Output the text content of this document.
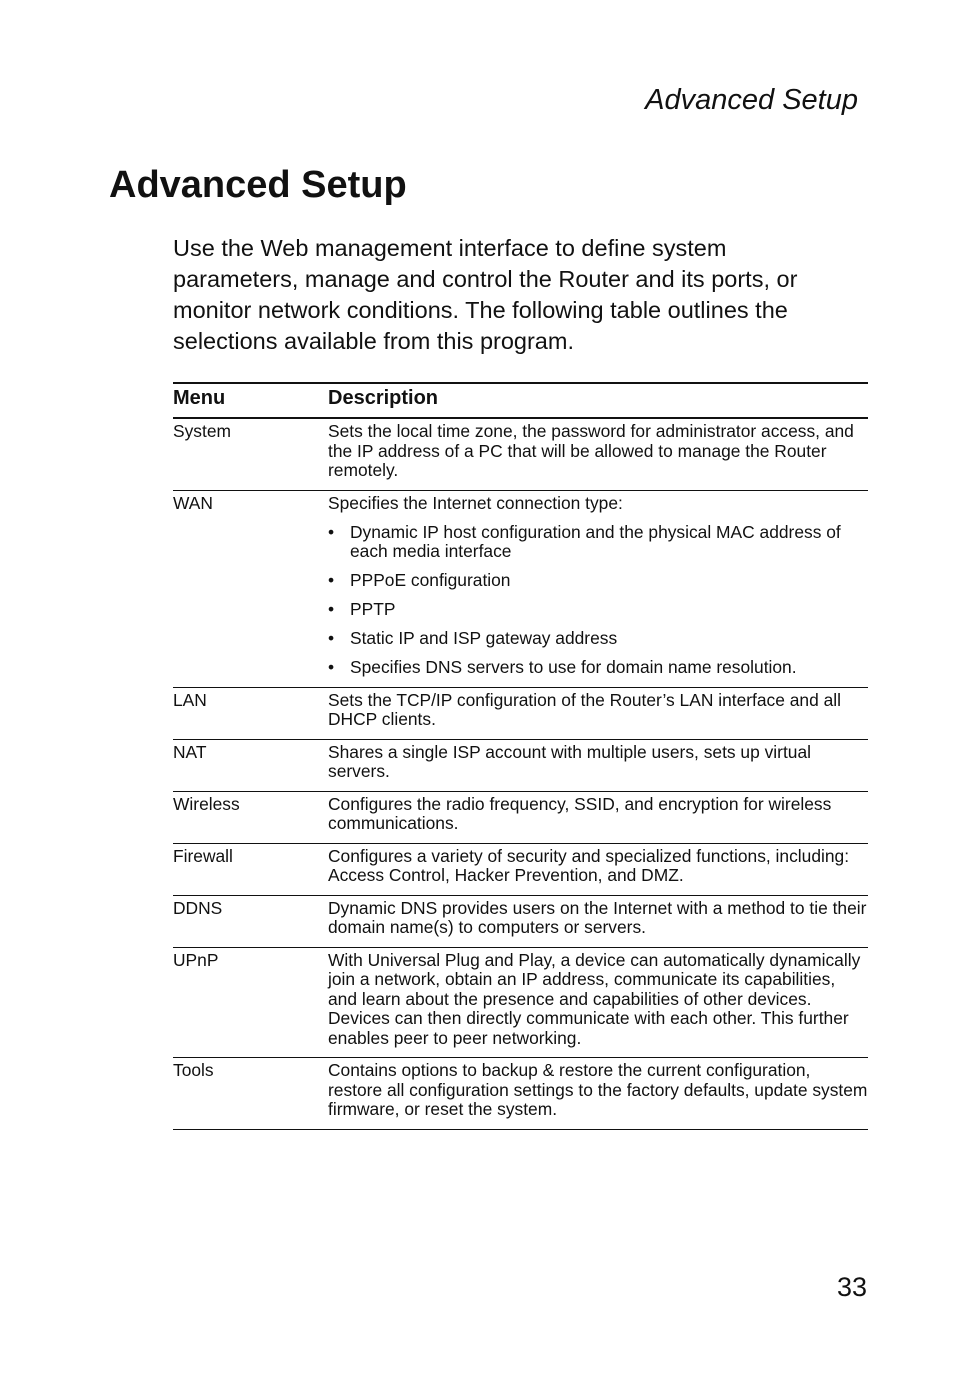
Advanced Setup

Advanced Setup

Use the Web management interface to define system parameters, manage and control the Router and its ports, or monitor network conditions. The following table outlines the selections available from this program.

Menu	Description
System	Sets the local time zone, the password for administrator access, and the IP address of a PC that will be allowed to manage the Router remotely.
WAN	Specifies the Internet connection type:
• Dynamic IP host configuration and the physical MAC address of each media interface
• PPPoE configuration
• PPTP
• Static IP and ISP gateway address
• Specifies DNS servers to use for domain name resolution.
LAN	Sets the TCP/IP configuration of the Router’s LAN interface and all DHCP clients.
NAT	Shares a single ISP account with multiple users, sets up virtual servers.
Wireless	Configures the radio frequency, SSID, and encryption for wireless communications.
Firewall	Configures a variety of security and specialized functions, including: Access Control, Hacker Prevention, and DMZ.
DDNS	Dynamic DNS provides users on the Internet with a method to tie their domain name(s) to computers or servers.
UPnP	With Universal Plug and Play, a device can automatically dynamically join a network, obtain an IP address, communicate its capabilities, and learn about the presence and capabilities of other devices. Devices can then directly communicate with each other. This further enables peer to peer networking.
Tools	Contains options to backup & restore the current configuration, restore all configuration settings to the factory defaults, update system firmware, or reset the system.

33
